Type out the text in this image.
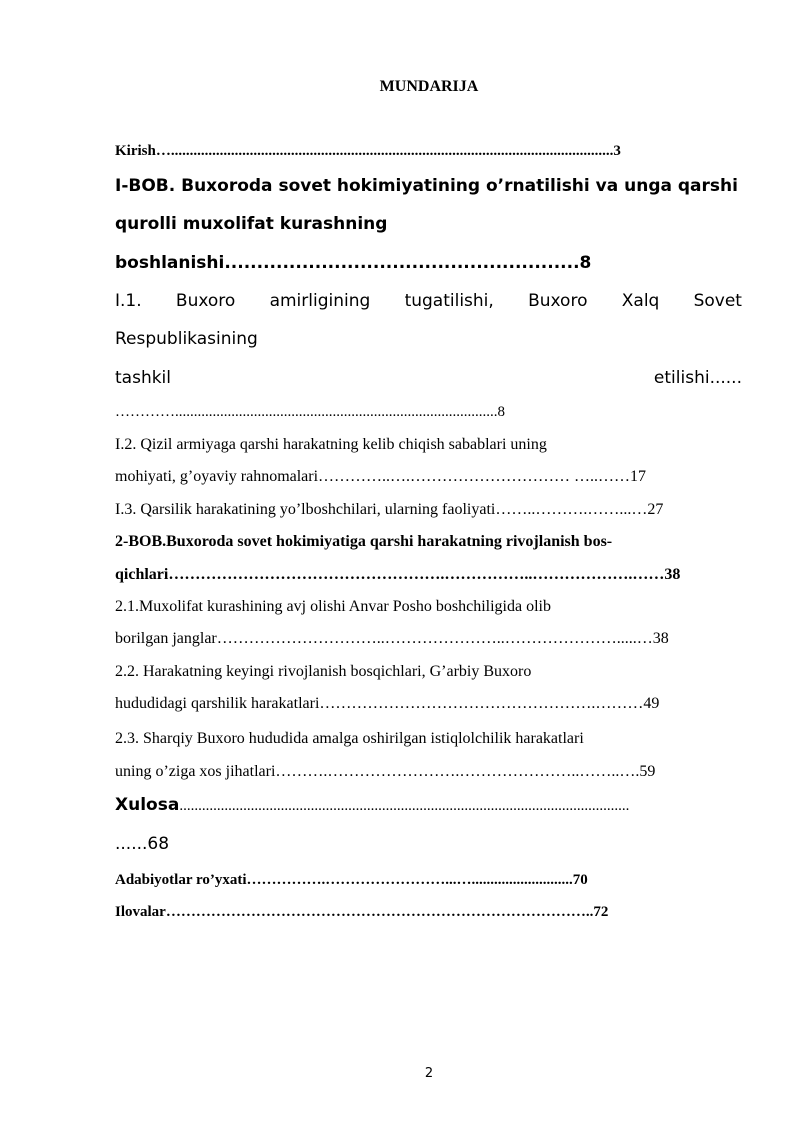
MUNDARIJA
Kirish…......................................................................................................................3
I-BOB. Buxoroda sovet hokimiyatining o’rnatilishi va unga qarshi
qurolli muxolifat kurashning
boshlanishi.......................................................8
I.1. Buxoro amirligining tugatilishi, Buxoro Xalq Sovet
Respublikasining
tashkil	etilishi......
…………......................................................................................8
I.2. Qizil armiyaga qarshi harakatning kelib chiqish sabablari uning
mohiyati, g’oyaviy rahnomalari…………..….………………………… …..……17
I.3. Qarsilik harakatining yo’lboshchilari, ularning faoliyati……..……….……...…27
2-BOB.Buxoroda sovet hokimiyatiga qarshi harakatning rivojlanish bos-
qichlari…………………………………………….……………..……………….……38
2.1.Muxolifat kurashining avj olishi Anvar Posho boshchiligida olib
borilgan janglar…………………………..…………………..………………….....…38
2.2. Harakatning keyingi rivojlanish bosqichlari, G’arbiy Buxoro
hududidagi qarshilik harakatlari…………………………………………….………49
2.3. Sharqiy Buxoro hududida amalga oshirilgan istiqlolchilik harakatlari
uning o’ziga xos jihatlari……….…………………….…………………..……..….59
Xulosa........................................................................................................................
......68
Adabiyotlar ro’yxati…………….……………………...…...........................70
Ilovalar…………………………………………………………………………..72
2
